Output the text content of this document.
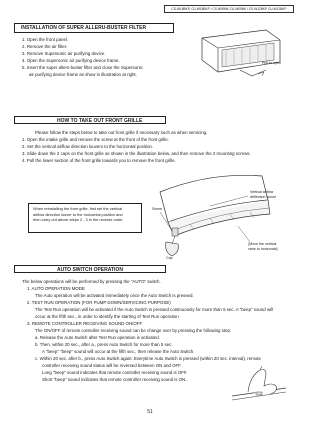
CS-W18BKP, CU-W18BKP / CS-W09BK CU-W09BK / CS-W12BKP CU-W12BKP
INSTALLATION OF SUPER ALLERU-BUSTER FILTER
1. Open the front panel.
2. Remove the air filter.
3. Remove Supersonic air purifying device.
4. Open the Supersonic air purifying device frame.
5. Insert the super allers-buster filter and close the Supersonic
air purifying device frame as show in illustration at right.
Pull to open
HOW TO TAKE OUT FRONT GRILLE
Please follow the steps below to take out front grille if necessary such as when servicing.
1. Open the intake grille and remove the screw at the front of the front grille.
2. Set the vertical airflow direction louvers to the horizontal position.
3. Slide down the 2 caps on the front grille as shown in the illustration below, and then remove the 2 mounting screws.
4. Pull the lower section of the front grille towards you to remove the front grille.
When reinstalling the front grille, first set the vertical
airflow direction louver to the horizontal position and
then carry out above steps 2 - 3 in the reverse order.
Vertical airflow
deflection louver
Screw
Cap
(Move the vertical
vane to horizontal)
AUTO SWITCH OPERATION
The below operations will be performed by pressing the "AUTO" switch.
1. AUTO OPERATION MODE
The Auto operation will be activated immediately once the Auto Switch is pressed.
2. TEST RUN OPERATION (FOR PUMP DOWN/SERVICING PURPOSE)
The Test Run operation will be activated if the Auto Switch is pressed continuously for more than 5 sec. A "beep" sound will
occur at the fifth sec., in order to identify the starting of Test Run operation
3. REMOTE CONTROLLER RECEIVING SOUND ON/OFF
The ON/OFF of remote controller receiving sound can be change over by pressing the following step:
a. Release the Auto Switch after Test Run operation is activated.
b. Then, within 20 sec., after a., press Auto Switch for more than 5 sec.
A "beep" "beep" sound will occur at the fifth sec., then release the Auto Switch.
c. Within 20 sec. after b., press Auto Switch again: Everytime Auto Switch is pressed (within 20 sec. interval), remote
controller receiving sound status will be reversed between ON and OFF.
Long "beep" sound indicates that remote controller receiving sound is OFF.
Short "beep" sound indicates that remote controller receiving sound is ON.
51
